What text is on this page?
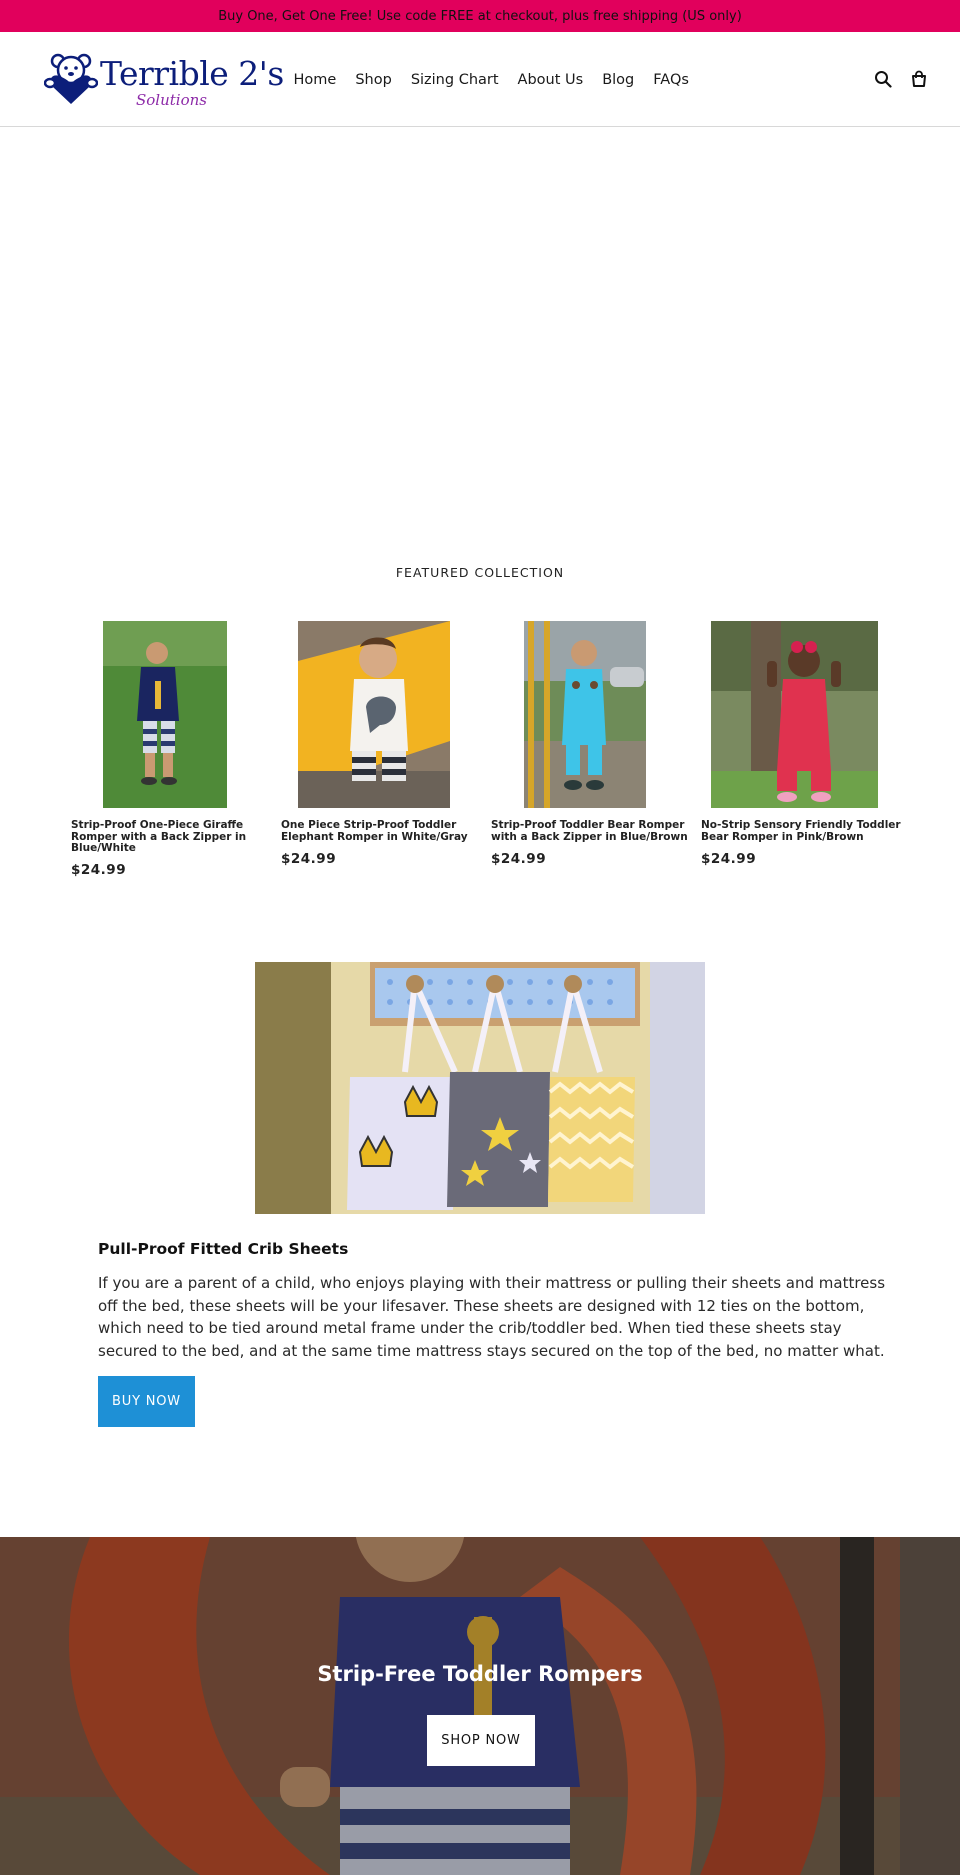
Buy One, Get One Free! Use code FREE at checkout, plus free shipping (US only)
Terrible 2's
Solutions
Home Shop Sizing Chart About Us Blog FAQs
FEATURED COLLECTION
Strip-Proof One-Piece Giraffe Romper with a Back Zipper in Blue/White
$24.99
One Piece Strip-Proof Toddler Elephant Romper in White/Gray
$24.99
Strip-Proof Toddler Bear Romper with a Back Zipper in Blue/Brown
$24.99
No-Strip Sensory Friendly Toddler Bear Romper in Pink/Brown
$24.99
Pull-Proof Fitted Crib Sheets
If you are a parent of a child, who enjoys playing with their mattress or pulling their sheets and mattress off the bed, these sheets will be your lifesaver. These sheets are designed with 12 ties on the bottom, which need to be tied around metal frame under the crib/toddler bed. When tied these sheets stay secured to the bed, and at the same time mattress stays secured on the top of the bed, no matter what.
BUY NOW
Strip-Free Toddler Rompers
SHOP NOW
